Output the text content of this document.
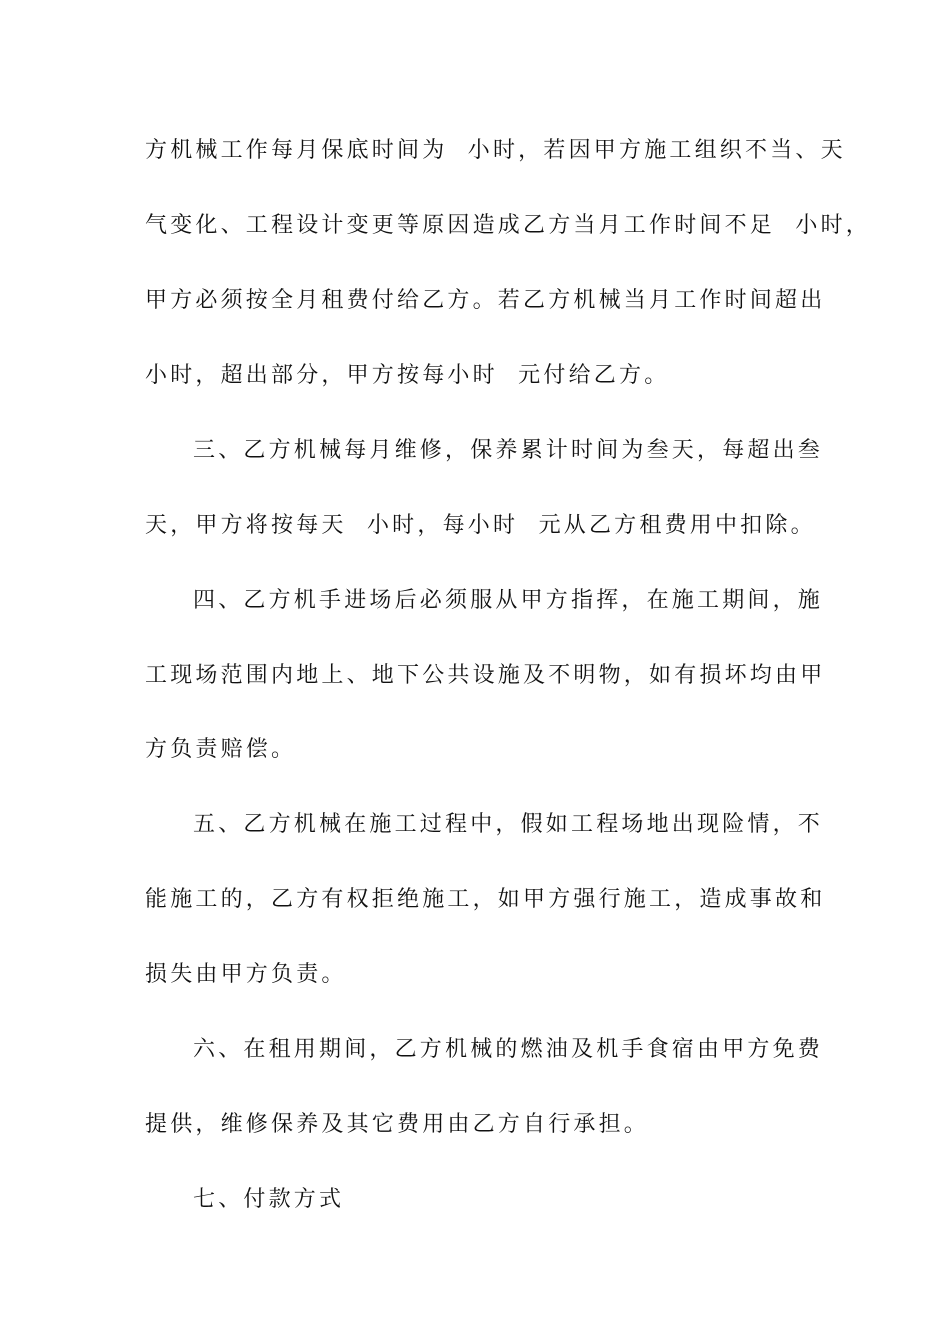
方机械工作每月保底时间为  小时，若因甲方施工组织不当、天
气变化、工程设计变更等原因造成乙方当月工作时间不足  小时，
甲方必须按全月租费付给乙方。若乙方机械当月工作时间超出
小时，超出部分，甲方按每小时  元付给乙方。
三、乙方机械每月维修，保养累计时间为叁天，每超出叁
天，甲方将按每天  小时，每小时  元从乙方租费用中扣除。
四、乙方机手进场后必须服从甲方指挥，在施工期间，施
工现场范围内地上、地下公共设施及不明物，如有损坏均由甲
方负责赔偿。
五、乙方机械在施工过程中，假如工程场地出现险情，不
能施工的，乙方有权拒绝施工，如甲方强行施工，造成事故和
损失由甲方负责。
六、在租用期间，乙方机械的燃油及机手食宿由甲方免费
提供，维修保养及其它费用由乙方自行承担。
七、付款方式
